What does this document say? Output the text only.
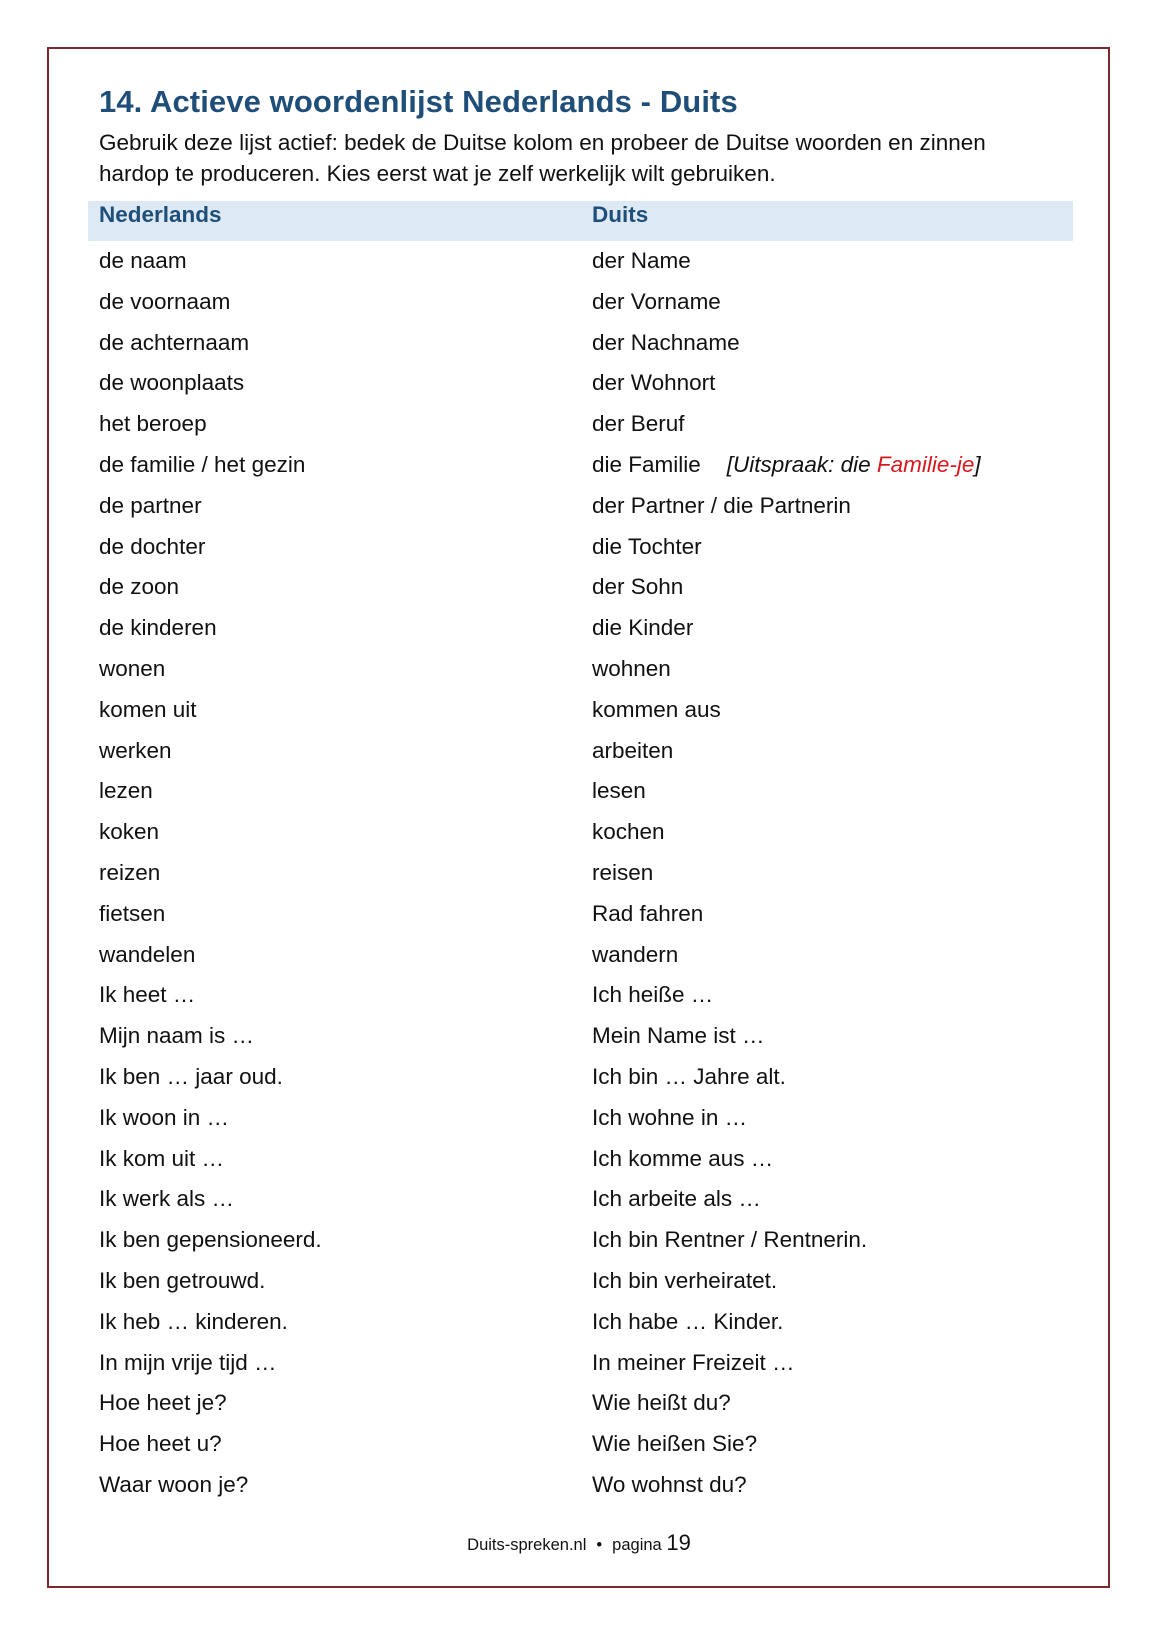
14. Actieve woordenlijst Nederlands - Duits

Gebruik deze lijst actief: bedek de Duitse kolom en probeer de Duitse woorden en zinnen hardop te produceren. Kies eerst wat je zelf werkelijk wilt gebruiken.

Nederlands	Duits
de naam	der Name
de voornaam	der Vorname
de achternaam	der Nachname
de woonplaats	der Wohnort
het beroep	der Beruf
de familie / het gezin	die Familie [Uitspraak: die Familie-je]
de partner	der Partner / die Partnerin
de dochter	die Tochter
de zoon	der Sohn
de kinderen	die Kinder
wonen	wohnen
komen uit	kommen aus
werken	arbeiten
lezen	lesen
koken	kochen
reizen	reisen
fietsen	Rad fahren
wandelen	wandern
Ik heet …	Ich heiße …
Mijn naam is …	Mein Name ist …
Ik ben … jaar oud.	Ich bin … Jahre alt.
Ik woon in …	Ich wohne in …
Ik kom uit …	Ich komme aus …
Ik werk als …	Ich arbeite als …
Ik ben gepensioneerd.	Ich bin Rentner / Rentnerin.
Ik ben getrouwd.	Ich bin verheiratet.
Ik heb … kinderen.	Ich habe … Kinder.
In mijn vrije tijd …	In meiner Freizeit …
Hoe heet je?	Wie heißt du?
Hoe heet u?	Wie heißen Sie?
Waar woon je?	Wo wohnst du?
Duits-spreken.nl • pagina 19
